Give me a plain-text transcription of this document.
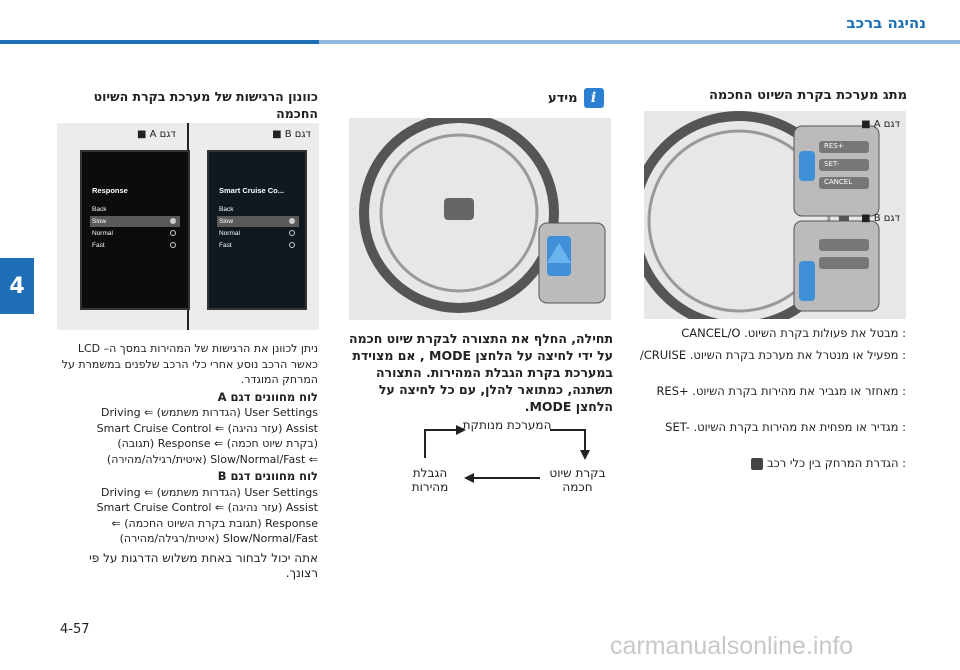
נהיגה ברכב
4
4-57
carmanualsonline.info
מתג מערכת בקרת השיוט החכמה
דגם A ■
דגם B ■
RES+
SET-
CANCEL
: מבטל את פעולות בקרת השיוט. CANCEL/O
: מפעיל או מנטרל את מערכת בקרת השיוט. /CRUISE
: מאחזר או מגביר את מהירות בקרת השיוט. RES+
: מגדיר או מפחית את מהירות בקרת השיוט. SET-
: הגדרת המרחק בין כלי רכב
מידע i
תחילה, החלף את התצורה לבקרת שיוט חכמה על ידי לחיצה על הלחצן MODE , אם מצוידת במערכת בקרת הגבלת המהירות. התצורה תשתנה, כמתואר להלן, עם כל לחיצה על הלחצן MODE.
המערכת מנותקת
הגבלת מהירות
בקרת שיוט חכמה
כוונון הרגישות של מערכת בקרת השיוט החכמה
דגם B ■
דגם A ■
Response
Back
Slow
Normal
Fast
Smart Cruise Co...
Back
Slow
Normal
Fast
ניתן לכוונן את הרגישות של המהירות במסך ה– LCD כאשר הרכב נוסע אחרי כלי הרכב שלפנים במשמרת על המרחק המוגדר.
לוח מחוונים דגם A
User Settings (הגדרות משתמש) ⇐ Driving
Assist (עזר נהיגה) ⇐ Smart Cruise Control
(בקרת שיוט חכמה) ⇐ Response (תגובה)
⇐ Slow/Normal/Fast (איטית/רגילה/מהירה)
לוח מחוונים דגם B
User Settings (הגדרות משתמש) ⇐ Driving
Assist (עזר נהיגה) ⇐ Smart Cruise Control
Response (תגובת בקרת השיוט החכמה) ⇐
Slow/Normal/Fast (איטית/רגילה/מהירה)
אתה יכול לבחור באחת משלוש הדרגות על פי רצונך.
